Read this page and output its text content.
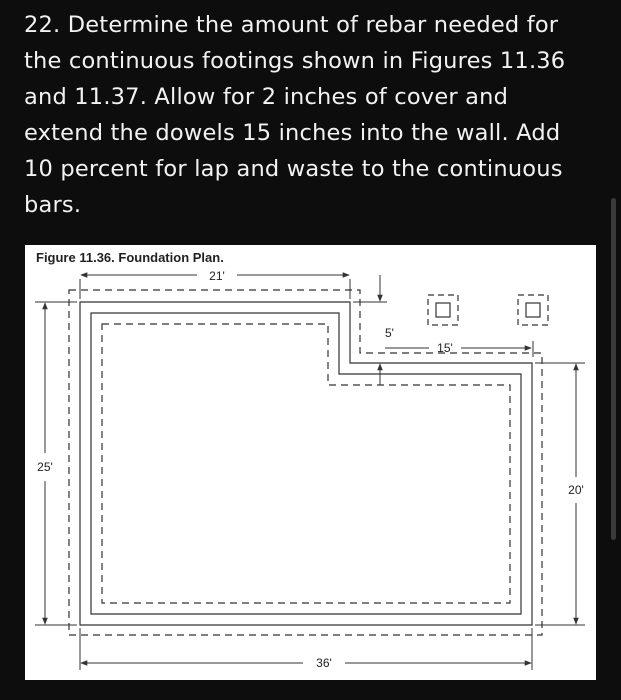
22. Determine the amount of rebar needed for
the continuous footings shown in Figures 11.36
and 11.37. Allow for 2 inches of cover and
extend the dowels 15 inches into the wall. Add
10 percent for lap and waste to the continuous
bars.
Figure 11.36. Foundation Plan.
21'
5'
15'
25'
20'
36'
